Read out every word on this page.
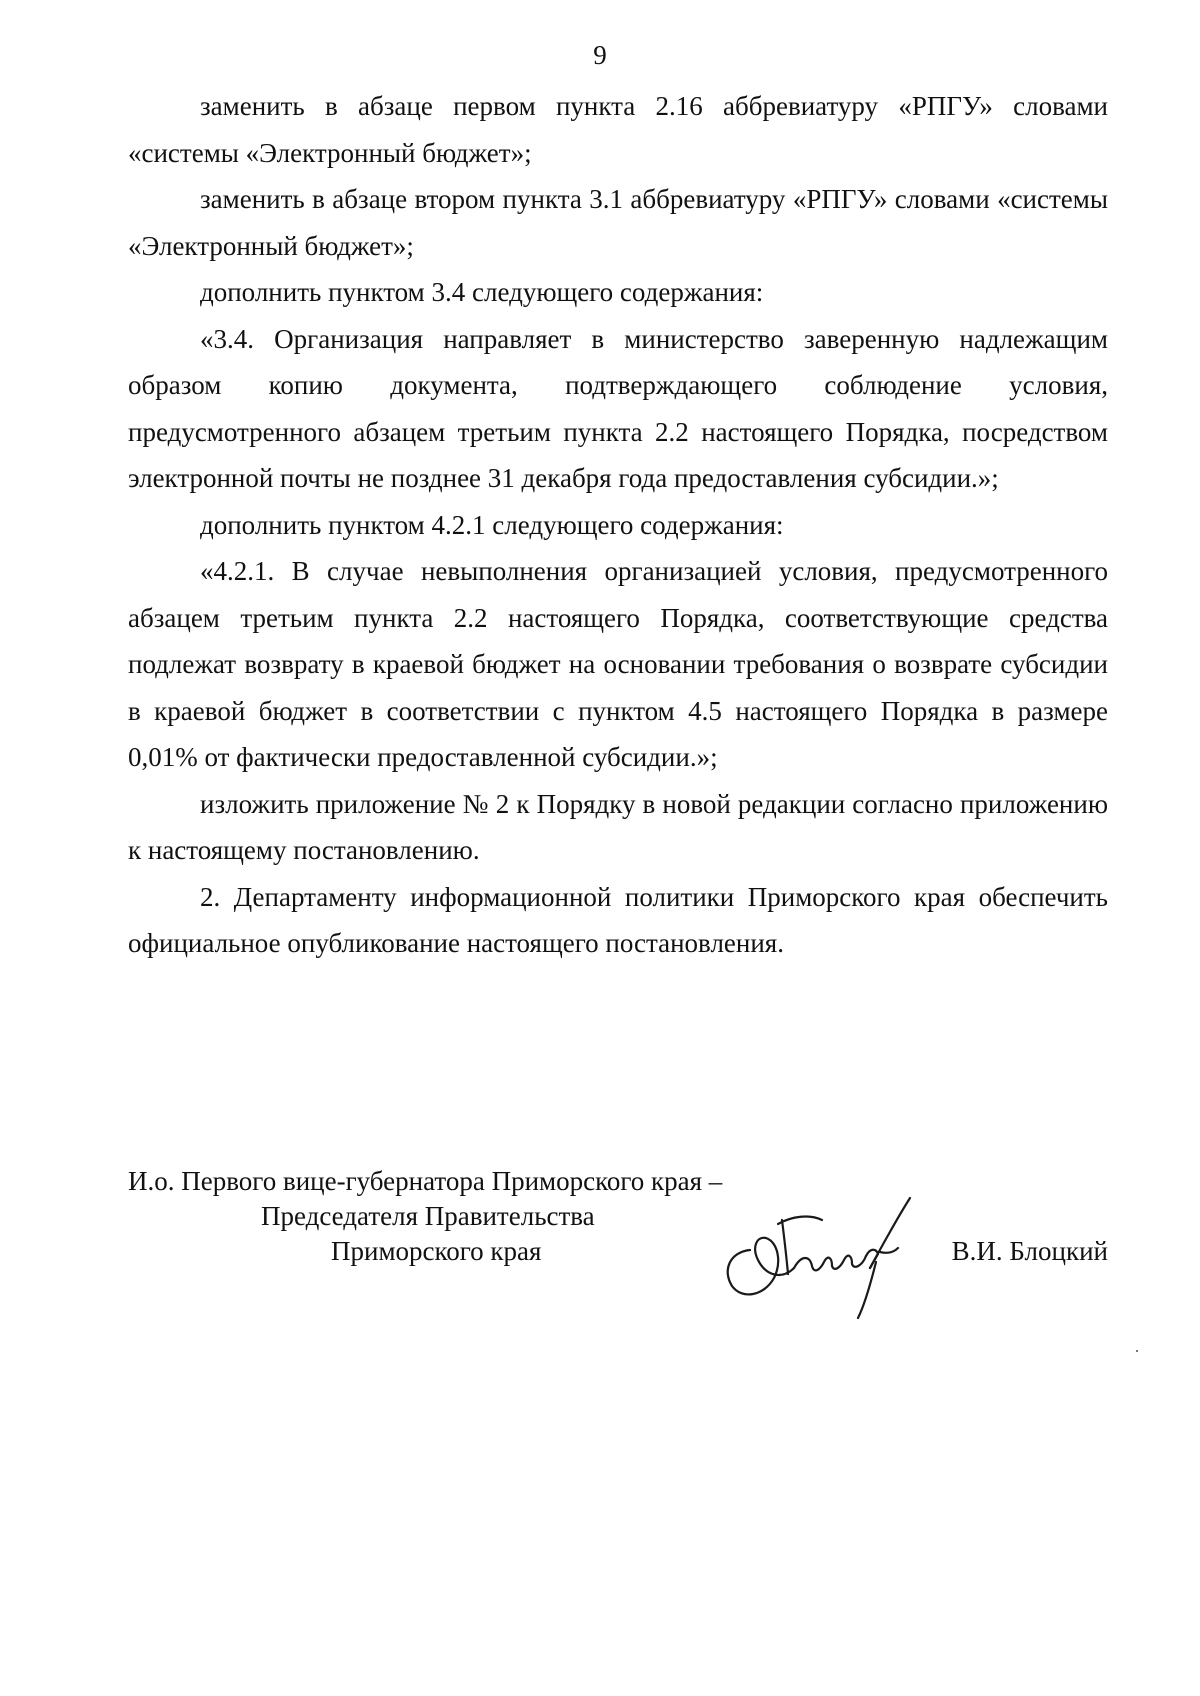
9

заменить в абзаце первом пункта 2.16 аббревиатуру «РПГУ» словами «системы «Электронный бюджет»;

заменить в абзаце втором пункта 3.1 аббревиатуру «РПГУ» словами «системы «Электронный бюджет»;

дополнить пунктом 3.4 следующего содержания:

«3.4. Организация направляет в министерство заверенную надлежащим образом копию документа, подтверждающего соблюдение условия, предусмотренного абзацем третьим пункта 2.2 настоящего Порядка, посредством электронной почты не позднее 31 декабря года предоставления субсидии.»;

дополнить пунктом 4.2.1 следующего содержания:

«4.2.1. В случае невыполнения организацией условия, предусмотренного абзацем третьим пункта 2.2 настоящего Порядка, соответствующие средства подлежат возврату в краевой бюджет на основании требования о возврате субсидии в краевой бюджет в соответствии с пунктом 4.5 настоящего Порядка в размере 0,01% от фактически предоставленной субсидии.»;

изложить приложение № 2 к Порядку в новой редакции согласно приложению к настоящему постановлению.

2. Департаменту информационной политики Приморского края обеспечить официальное опубликование настоящего постановления.

И.о. Первого вице-губернатора Приморского края –
Председателя Правительства
Приморского края	В.И. Блоцкий
